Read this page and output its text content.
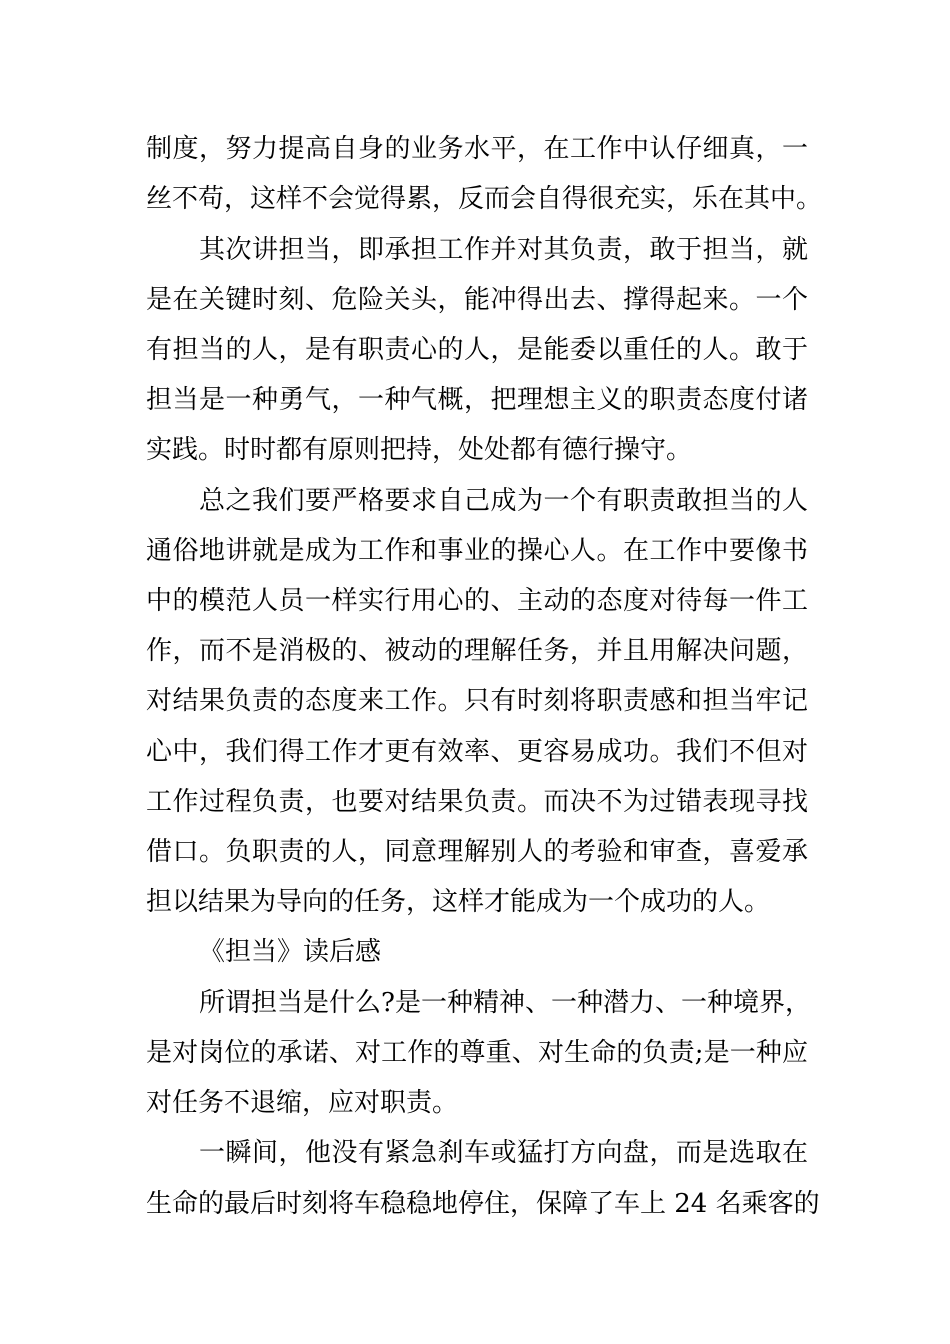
制度，努力提高自身的业务水平，在工作中认仔细真，一
丝不苟，这样不会觉得累，反而会自得很充实，乐在其中。
其次讲担当，即承担工作并对其负责，敢于担当，就
是在关键时刻、危险关头，能冲得出去、撑得起来。一个
有担当的人，是有职责心的人，是能委以重任的人。敢于
担当是一种勇气，一种气概，把理想主义的职责态度付诸
实践。时时都有原则把持，处处都有德行操守。
总之我们要严格要求自己成为一个有职责敢担当的人
通俗地讲就是成为工作和事业的操心人。在工作中要像书
中的模范人员一样实行用心的、主动的态度对待每一件工
作，而不是消极的、被动的理解任务，并且用解决问题，
对结果负责的态度来工作。只有时刻将职责感和担当牢记
心中，我们得工作才更有效率、更容易成功。我们不但对
工作过程负责，也要对结果负责。而决不为过错表现寻找
借口。负职责的人，同意理解别人的考验和审查，喜爱承
担以结果为导向的任务，这样才能成为一个成功的人。
《担当》读后感
所谓担当是什么?是一种精神、一种潜力、一种境界，
是对岗位的承诺、对工作的尊重、对生命的负责;是一种应
对任务不退缩，应对职责。
一瞬间，他没有紧急刹车或猛打方向盘，而是选取在
生命的最后时刻将车稳稳地停住，保障了车上 24 名乘客的
